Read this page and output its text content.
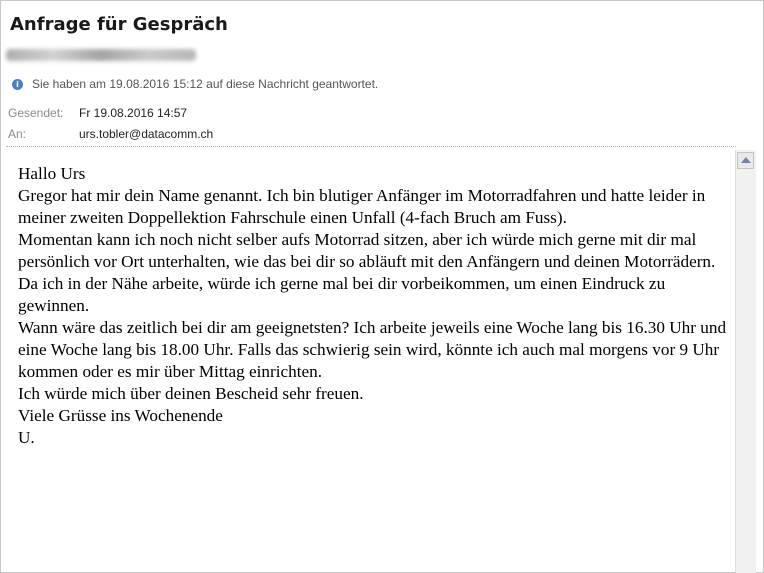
Anfrage für Gespräch
i	Sie haben am 19.08.2016 15:12 auf diese Nachricht geantwortet.
Gesendet:	Fr 19.08.2016 14:57
An:	urs.tobler@datacomm.ch

Hallo Urs

Gregor hat mir dein Name genannt. Ich bin blutiger Anfänger im Motorradfahren und hatte leider in meiner zweiten Doppellektion Fahrschule einen Unfall (4-fach Bruch am Fuss).

Momentan kann ich noch nicht selber aufs Motorrad sitzen, aber ich würde mich gerne mit dir mal persönlich vor Ort unterhalten, wie das bei dir so abläuft mit den Anfängern und deinen Motorrädern.

Da ich in der Nähe arbeite, würde ich gerne mal bei dir vorbeikommen, um einen Eindruck zu gewinnen.

Wann wäre das zeitlich bei dir am geeignetsten? Ich arbeite jeweils eine Woche lang bis 16.30 Uhr und eine Woche lang bis 18.00 Uhr. Falls das schwierig sein wird, könnte ich auch mal morgens vor 9 Uhr kommen oder es mir über Mittag einrichten.

Ich würde mich über deinen Bescheid sehr freuen.

Viele Grüsse ins Wochenende

U.
